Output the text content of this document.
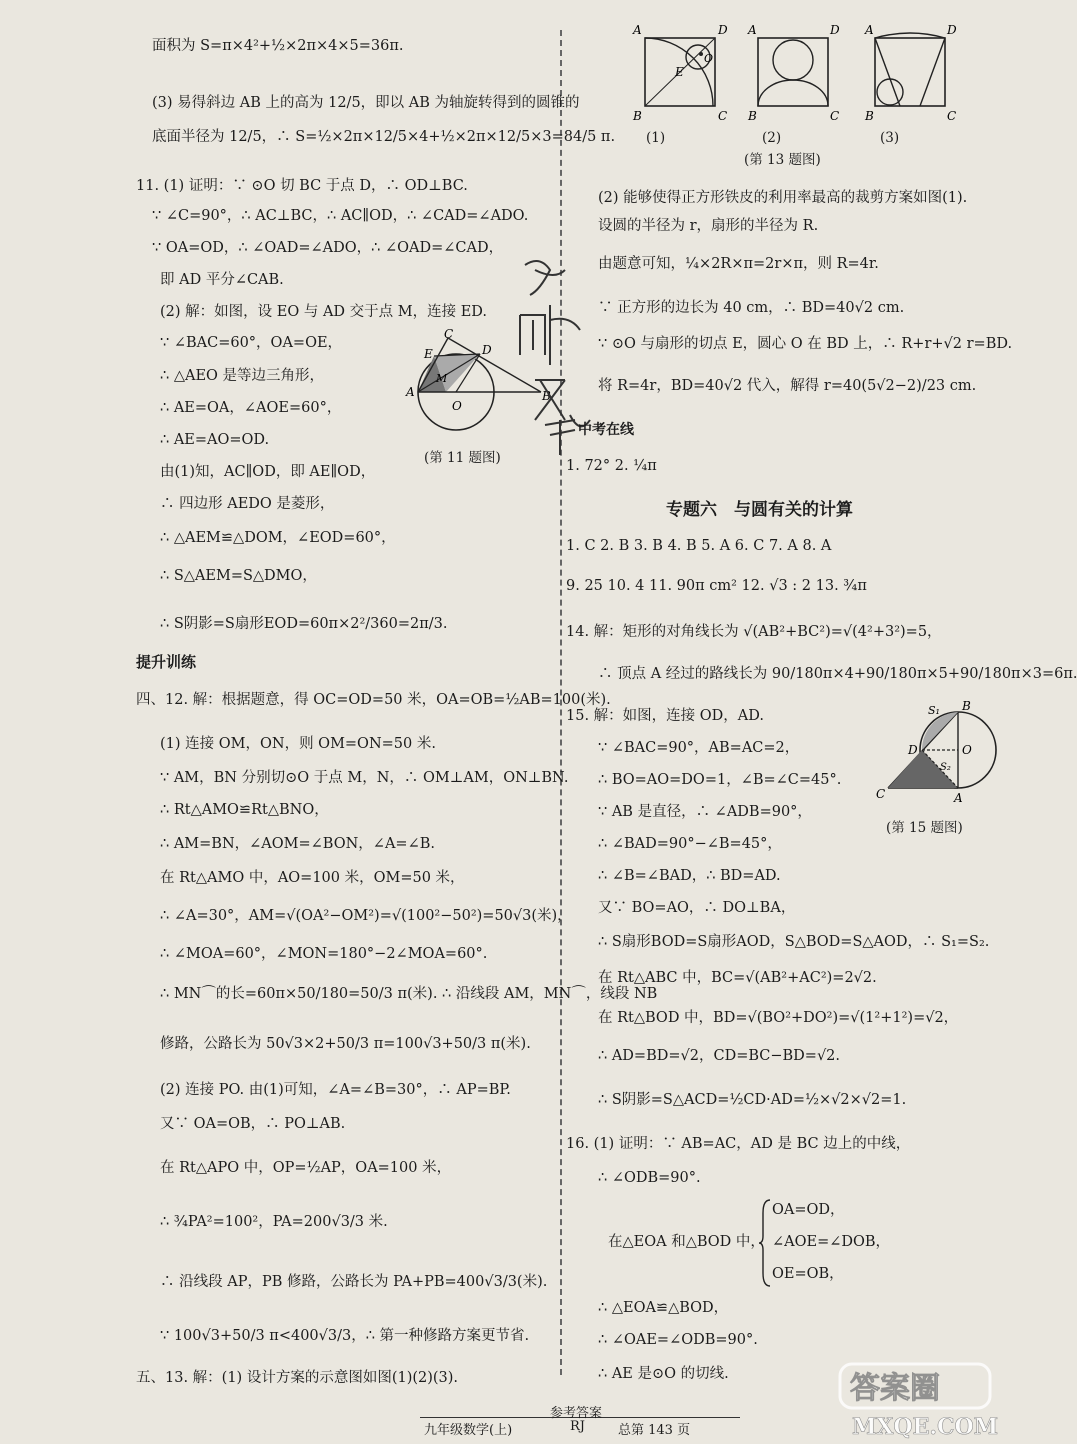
面积为 S=π×4²+½×2π×4×5=36π.
(3) 易得斜边 AB 上的高为 12/5，即以 AB 为轴旋转得到的圆锥的
底面半径为 12/5，∴ S=½×2π×12/5×4+½×2π×12/5×3=84/5 π.
11. (1) 证明：∵ ⊙O 切 BC 于点 D，∴ OD⊥BC.
∵ ∠C=90°，∴ AC⊥BC，∴ AC∥OD，∴ ∠CAD=∠ADO.
∵ OA=OD，∴ ∠OAD=∠ADO，∴ ∠OAD=∠CAD，
即 AD 平分∠CAB.
(2) 解：如图，设 EO 与 AD 交于点 M，连接 ED.
∵ ∠BAC=60°，OA=OE，
∴ △AEO 是等边三角形，
∴ AE=OA，∠AOE=60°，
∴ AE=AO=OD.
由(1)知，AC∥OD，即 AE∥OD，
∴ 四边形 AEDO 是菱形，
∴ △AEM≌△DOM，∠EOD=60°，
∴ S△AEM=S△DMO，
∴ S阴影=S扇形EOD=60π×2²/360=2π/3.
提升训练
四、12. 解：根据题意，得 OC=OD=50 米，OA=OB=½AB=100(米).
(1) 连接 OM，ON，则 OM=ON=50 米.
∵ AM，BN 分别切⊙O 于点 M，N，∴ OM⊥AM，ON⊥BN.
∴ Rt△AMO≌Rt△BNO，
∴ AM=BN，∠AOM=∠BON，∠A=∠B.
在 Rt△AMO 中，AO=100 米，OM=50 米，
∴ ∠A=30°，AM=√(OA²−OM²)=√(100²−50²)=50√3(米)，
∴ ∠MOA=60°，∠MON=180°−2∠MOA=60°.
∴ MN⌒的长=60π×50/180=50/3 π(米). ∴ 沿线段 AM，MN⌒，线段 NB
修路，公路长为 50√3×2+50/3 π=100√3+50/3 π(米).
(2) 连接 PO. 由(1)可知，∠A=∠B=30°，∴ AP=BP.
又∵ OA=OB，∴ PO⊥AB.
在 Rt△APO 中，OP=½AP，OA=100 米，
∴ ¾PA²=100²，PA=200√3/3 米.
∴ 沿线段 AP，PB 修路，公路长为 PA+PB=400√3/3(米).
∵ 100√3+50/3 π<400√3/3，∴ 第一种修路方案更节省.
五、13. 解：(1) 设计方案的示意图如图(1)(2)(3).
C
E	D
M
A
O
B
(第 11 题图)
学 助 文 档
A	D
B	C
E
O
A	D
B	C
A	D
B	C
(1)	(2)	(3)
(第 13 题图)
(2) 能够使得正方形铁皮的利用率最高的裁剪方案如图(1).
设圆的半径为 r，扇形的半径为 R.
由题意可知，¼×2R×π=2r×π，则 R=4r.
∵ 正方形的边长为 40 cm，∴ BD=40√2 cm.
∵ ⊙O 与扇形的切点 E，圆心 O 在 BD 上，∴ R+r+√2 r=BD.
将 R=4r，BD=40√2 代入，解得 r=40(5√2−2)/23 cm.
中考在线
1. 72° 2. ¼π
专题六　与圆有关的计算
1. C 2. B 3. B 4. B 5. A 6. C 7. A 8. A
9. 25 10. 4 11. 90π cm² 12. √3 : 2 13. ¾π
14. 解：矩形的对角线长为 √(AB²+BC²)=√(4²+3²)=5，
∴ 顶点 A 经过的路线长为 90/180π×4+90/180π×5+90/180π×3=6π.
15. 解：如图，连接 OD，AD.
∵ ∠BAC=90°，AB=AC=2，
∴ BO=AO=DO=1，∠B=∠C=45°.
∵ AB 是直径，∴ ∠ADB=90°，
∴ ∠BAD=90°−∠B=45°，
∴ ∠B=∠BAD，∴ BD=AD.
又∵ BO=AO，∴ DO⊥BA，
∴ S扇形BOD=S扇形AOD，S△BOD=S△AOD，∴ S₁=S₂.
在 Rt△ABC 中，BC=√(AB²+AC²)=2√2.
在 Rt△BOD 中，BD=√(BO²+DO²)=√(1²+1²)=√2，
∴ AD=BD=√2，CD=BC−BD=√2.
∴ S阴影=S△ACD=½CD·AD=½×√2×√2=1.
16. (1) 证明：∵ AB=AC，AD 是 BC 边上的中线，
∴ ∠ODB=90°.
OA=OD，
在△EOA 和△BOD 中， ∠AOE=∠DOB，
OE=OB，
∴ △EOA≌△BOD，
∴ ∠OAE=∠ODB=90°.
∴ AE 是⊙O 的切线.
S₁ B
D	O
S₂
C	A
(第 15 题图)
答案圈
MXQE.COM
参考答案
九年级数学(上)	RJ	总第 143 页
